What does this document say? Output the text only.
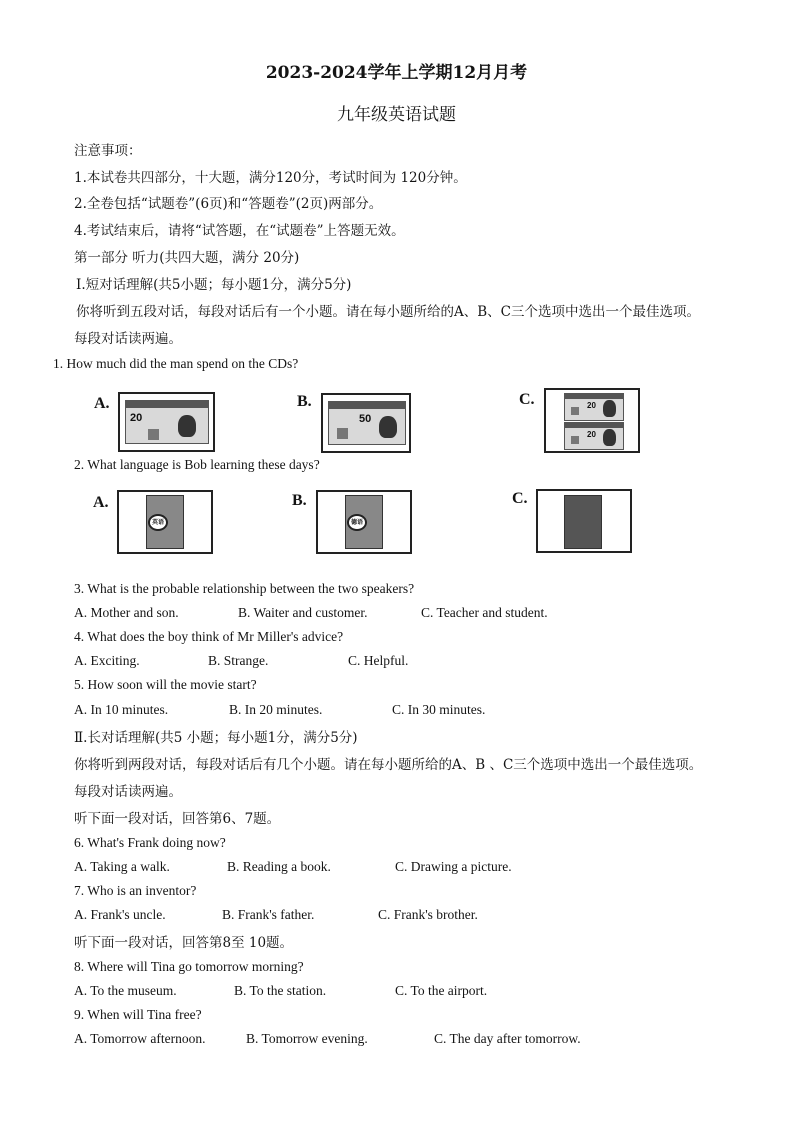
2023-2024学年上学期12月月考
九年级英语试题
注意事项：
1.本试卷共四部分，十大题，满分120分，考试时间为 120分钟。
2.全卷包括“试题卷”(6页)和“答题卷”(2页)两部分。
4.考试结束后，请将“试答题，在“试题卷”上答题无效。
第一部分 听力(共四大题，满分 20分)
Ⅰ.短对话理解(共5小题；每小题1分，满分5分)
你将听到五段对话，每段对话后有一个小题。请在每小题所给的A、B、C三个选项中选出一个最佳选项。
每段对话读两遍。
1. How much did the man spend on the CDs?
A.
20
B.
50
C.	20
20
2. What language is Bob learning these days?
A.
英语
B.
德语
C.
3. What is the probable relationship between the two speakers?
A. Mother and son.	B. Waiter and customer.	C. Teacher and student.
4. What does the boy think of Mr Miller's advice?
A. Exciting.	B. Strange.	C. Helpful.
5. How soon will the movie start?
A. In 10 minutes.	B. In 20 minutes.	C. In 30 minutes.
Ⅱ.长对话理解(共5 小题；每小题1分，满分5分)
你将听到两段对话，每段对话后有几个小题。请在每小题所给的A、B 、C三个选项中选出一个最佳选项。
每段对话读两遍。
听下面一段对话，回答第6、7题。
6. What's Frank doing now?
A. Taking a walk.	B. Reading a book.	C. Drawing a picture.
7. Who is an inventor?
A. Frank's uncle.	B. Frank's father.	C. Frank's brother.
听下面一段对话，回答第8至 10题。
8. Where will Tina go tomorrow morning?
A. To the museum.	B. To the station.	C. To the airport.
9. When will Tina free?
A. Tomorrow afternoon.	B. Tomorrow evening.	C. The day after tomorrow.
